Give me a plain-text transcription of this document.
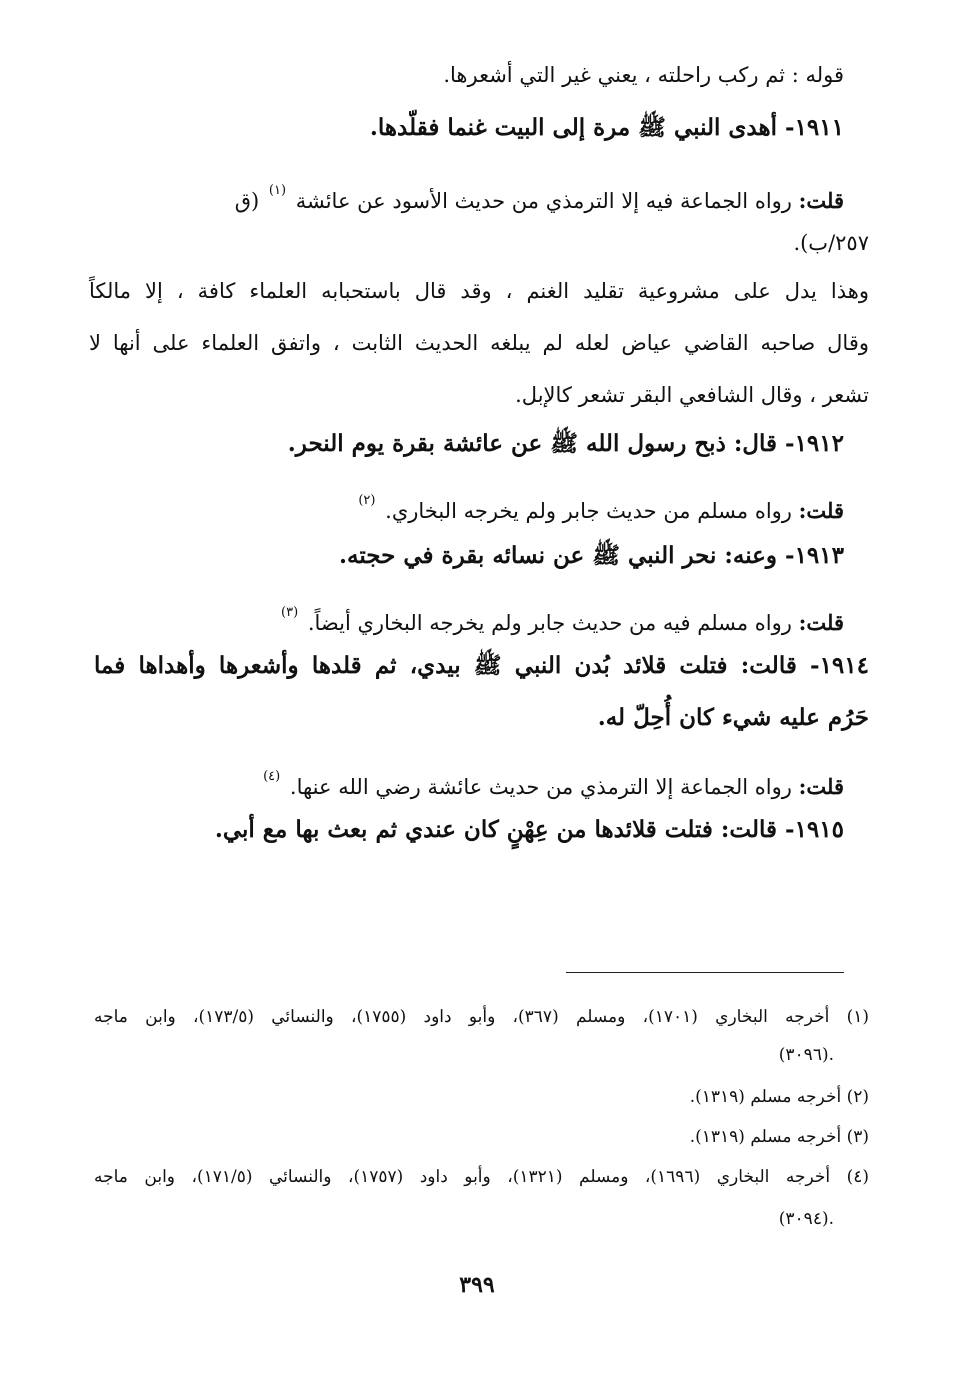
قوله : ثم ركب راحلته ، يعني غير التي أشعرها.
١٩١١- أهدى النبي ﷺ مرة إلى البيت غنما فقلّدها.
قلت: رواه الجماعة فيه إلا الترمذي من حديث الأسود عن عائشة $^{(١)}$ (ق
٢٥٧/ب).
وهذا يدل على مشروعية تقليد الغنم ، وقد قال باستحبابه العلماء كافة ، إلا مالكاً
وقال صاحبه القاضي عياض لعله لم يبلغه الحديث الثابت ، واتفق العلماء على أنها لا
تشعر ، وقال الشافعي البقر تشعر كالإبل.
١٩١٢- قال: ذبح رسول الله ﷺ عن عائشة بقرة يوم النحر.
قلت: رواه مسلم من حديث جابر ولم يخرجه البخاري. $^{(٢)}$
١٩١٣- وعنه: نحر النبي ﷺ عن نسائه بقرة في حجته.
قلت: رواه مسلم فيه من حديث جابر ولم يخرجه البخاري أيضاً. $^{(٣)}$
١٩١٤- قالت: فتلت قلائد بُدن النبي ﷺ بيدي، ثم قلدها وأشعرها وأهداها فما
حَرُم عليه شيء كان أُحِلّ له.
قلت: رواه الجماعة إلا الترمذي من حديث عائشة رضي الله عنها. $^{(٤)}$
١٩١٥- قالت: فتلت قلائدها من عِهْنٍ كان عندي ثم بعث بها مع أبي.
(١) أخرجه البخاري (١٧٠١)، ومسلم (٣٦٧)، وأبو داود (١٧٥٥)، والنسائي (١٧٣/٥)، وابن ماجه
(٣٠٩٦).
(٢) أخرجه مسلم (١٣١٩).
(٣) أخرجه مسلم (١٣١٩).
(٤) أخرجه البخاري (١٦٩٦)، ومسلم (١٣٢١)، وأبو داود (١٧٥٧)، والنسائي (١٧١/٥)، وابن ماجه
(٣٠٩٤).
٣٩٩
